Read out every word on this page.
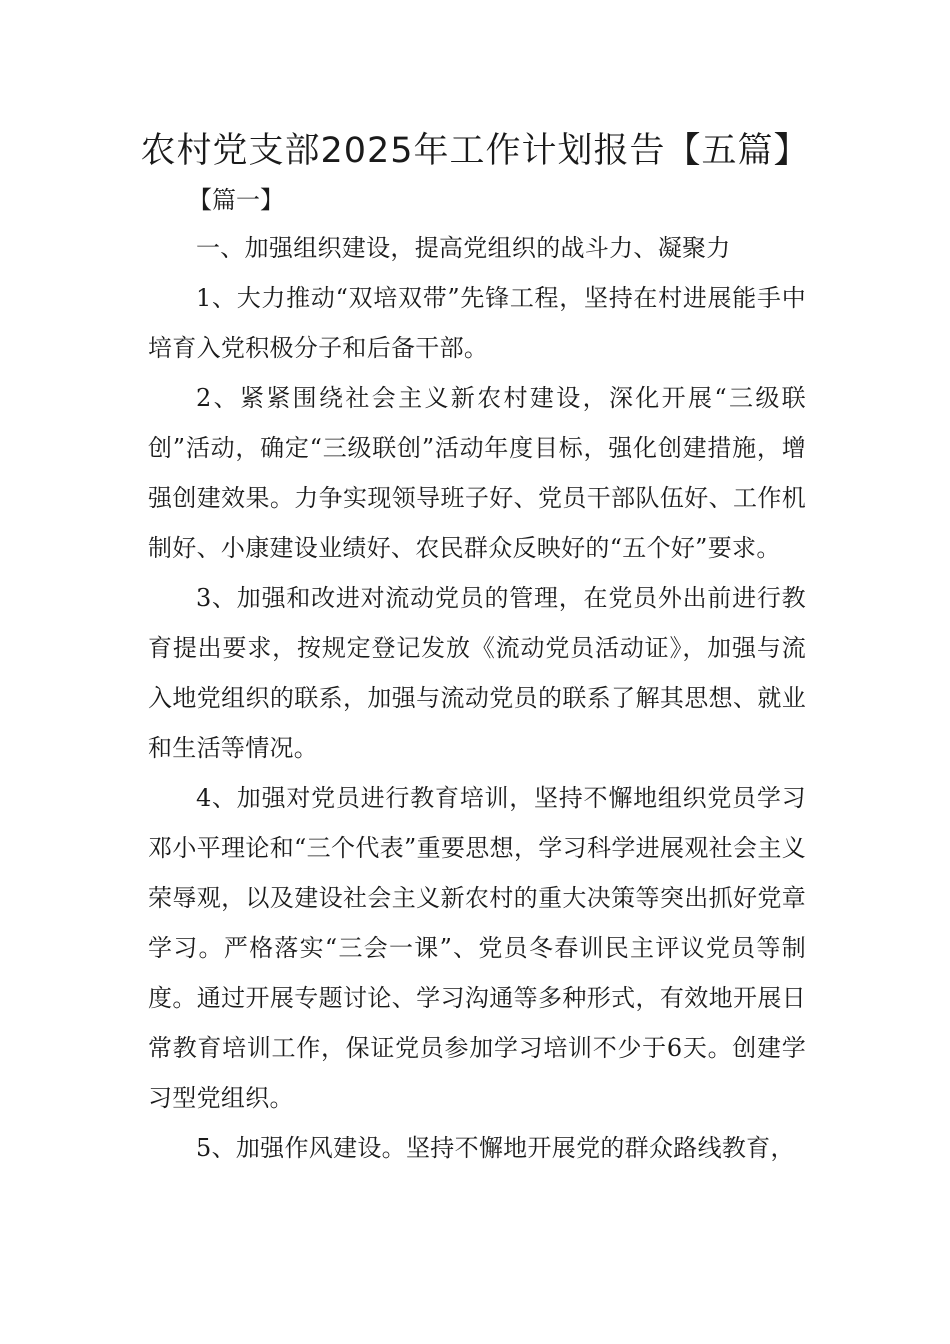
农村党支部2025年工作计划报告【五篇】
【篇一】

一、加强组织建设，提高党组织的战斗力、凝聚力

1、大力推动“双培双带”先锋工程，坚持在村进展能手中培育入党积极分子和后备干部。

2、紧紧围绕社会主义新农村建设，深化开展“三级联创”活动，确定“三级联创”活动年度目标，强化创建措施，增强创建效果。力争实现领导班子好、党员干部队伍好、工作机制好、小康建设业绩好、农民群众反映好的“五个好”要求。

3、加强和改进对流动党员的管理，在党员外出前进行教育提出要求，按规定登记发放《流动党员活动证》，加强与流入地党组织的联系，加强与流动党员的联系了解其思想、就业和生活等情况。

4、加强对党员进行教育培训，坚持不懈地组织党员学习邓小平理论和“三个代表”重要思想，学习科学进展观社会主义荣辱观，以及建设社会主义新农村的重大决策等突出抓好党章学习。严格落实“三会一课”、党员冬春训民主评议党员等制度。通过开展专题讨论、学习沟通等多种形式，有效地开展日常教育培训工作，保证党员参加学习培训不少于6天。创建学习型党组织。

5、加强作风建设。坚持不懈地开展党的群众路线教育，
